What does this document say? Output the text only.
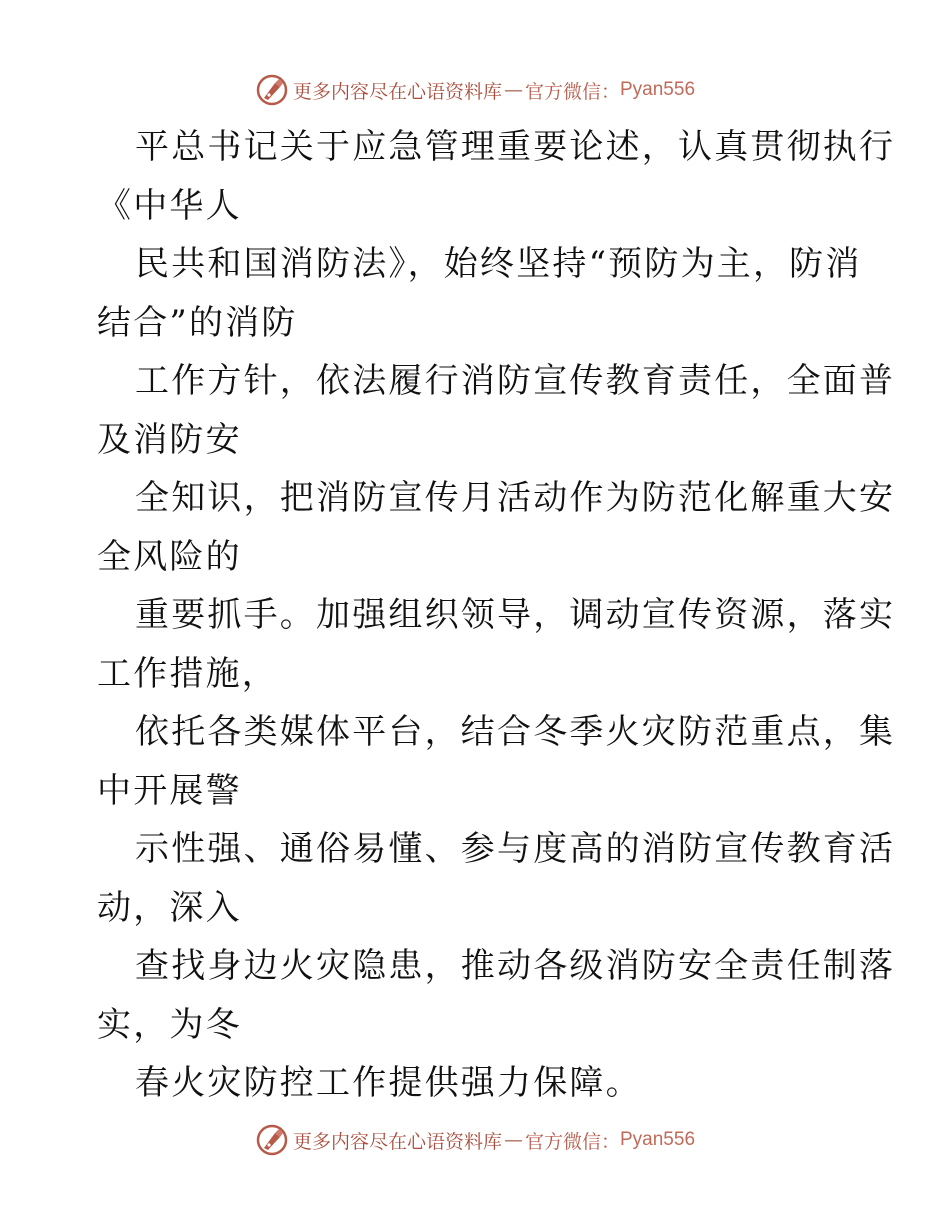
更多内容尽在心语资料库 — 官方微信： Pyan556
平总书记关于应急管理重要论述，认真贯彻执行
《中华人
民共和国消防法》，始终坚持“预防为主，防消
结合”的消防
工作方针，依法履行消防宣传教育责任，全面普
及消防安
全知识，把消防宣传月活动作为防范化解重大安
全风险的
重要抓手。加强组织领导，调动宣传资源，落实
工作措施，
依托各类媒体平台，结合冬季火灾防范重点，集
中开展警
示性强、通俗易懂、参与度高的消防宣传教育活
动，深入
查找身边火灾隐患，推动各级消防安全责任制落
实，为冬
春火灾防控工作提供强力保障。
更多内容尽在心语资料库 — 官方微信： Pyan556
